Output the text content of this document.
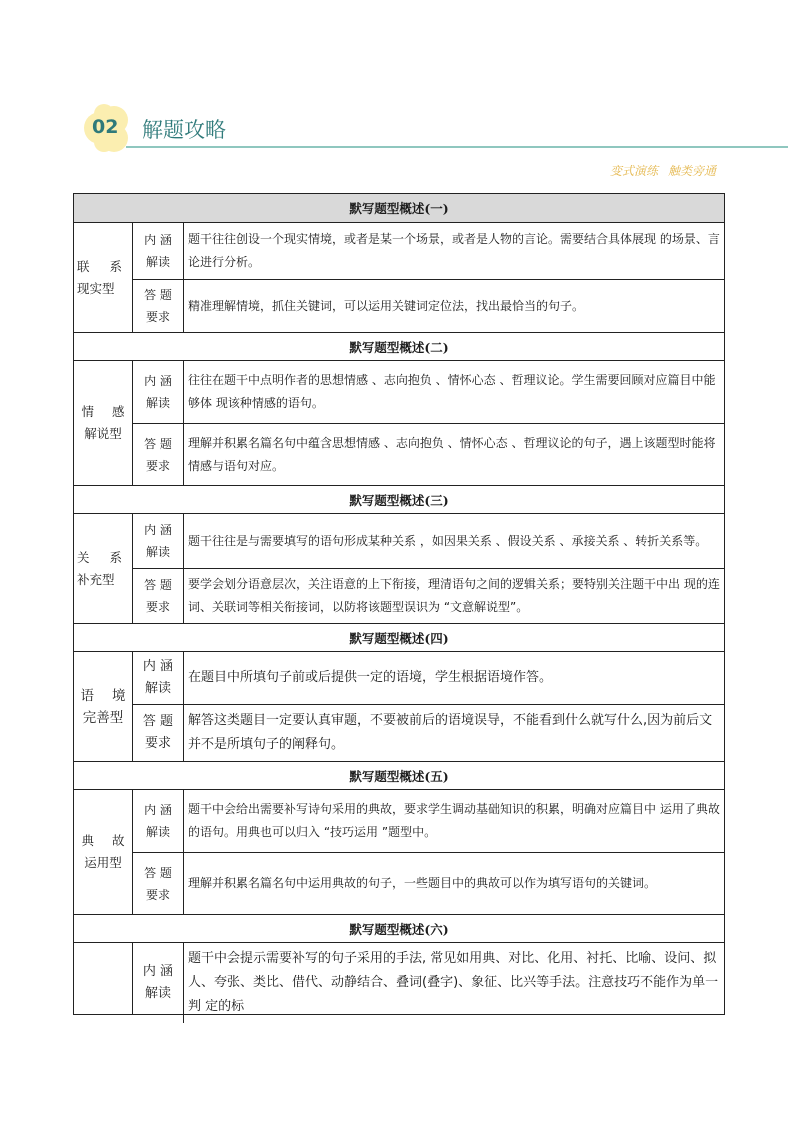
02 解题攻略
变式演练 触类旁通
默写题型概述(一)
联 系
现实型
内 涵
解读
题干往往创设一个现实情境，或者是某一个场景，或者是人物的言论。需要结合具体展现 的场景、言论进行分析。
答 题
要求
精准理解情境，抓住关键词，可以运用关键词定位法，找出最恰当的句子。
默写题型概述(二)
情 感
解说型
内 涵
解读
往往在题干中点明作者的思想情感 、志向抱负 、情怀心态 、哲理议论。学生需要回顾对应篇目中能够体 现该种情感的语句。
答 题
要求
理解并积累名篇名句中蕴含思想情感 、志向抱负 、情怀心态 、哲理议论的句子，遇上该题型时能将情感与语句对应。
默写题型概述(三)
关 系
补充型
内 涵
解读
题干往往是与需要填写的语句形成某种关系 ，如因果关系 、假设关系 、承接关系 、转折关系等。
答 题
要求
要学会划分语意层次，关注语意的上下衔接，理清语句之间的逻辑关系；要特别关注题干中出 现的连词、关联词等相关衔接词，以防将该题型误识为 “文意解说型”。
默写题型概述(四)
语 境
完善型
内 涵
解读
在题目中所填句子前或后提供一定的语境，学生根据语境作答。
答 题
要求
解答这类题目一定要认真审题，不要被前后的语境误导，不能看到什么就写什么,因为前后文并不是所填句子的阐释句。
默写题型概述(五)
典 故
运用型
内 涵
解读
题干中会给出需要补写诗句采用的典故，要求学生调动基础知识的积累，明确对应篇目中 运用了典故的语句。用典也可以归入 “技巧运用 ”题型中。
答 题
要求
理解并积累名篇名句中运用典故的句子，一些题目中的典故可以作为填写语句的关键词。
默写题型概述(六)
内 涵
解读
题干中会提示需要补写的句子采用的手法, 常见如用典、对比、化用、衬托、比喻、设问、拟人、夸张、类比、借代、动静结合、叠词(叠字)、象征、比兴等手法。注意技巧不能作为单一判 定的标
